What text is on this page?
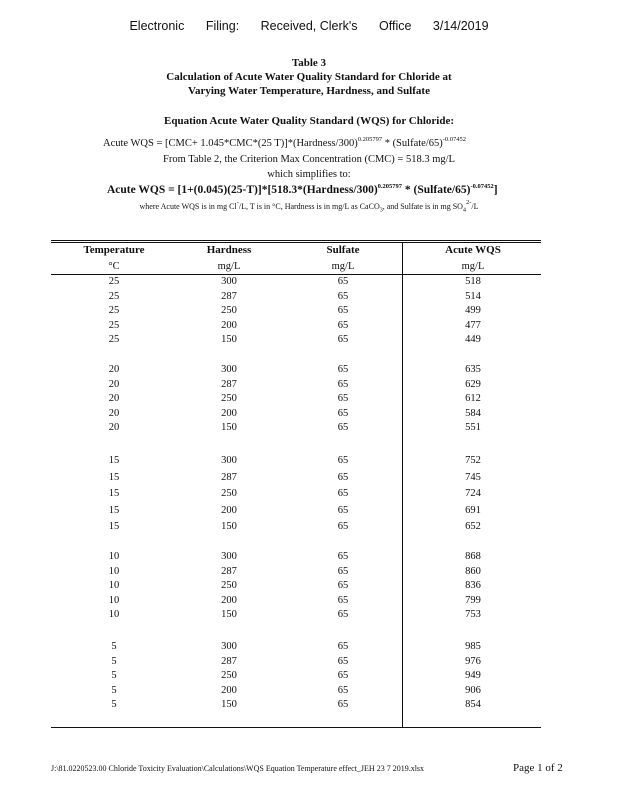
Electronic Filing: Received, Clerk's Office 3/14/2019
Table 3
Calculation of Acute Water Quality Standard for Chloride at
Varying Water Temperature, Hardness, and Sulfate
Equation Acute Water Quality Standard (WQS) for Chloride:
Acute WQS = [CMC+ 1.045*CMC*(25 T)]*(Hardness/300)$^{0.205797}$ * (Sulfate/65)$^{-0.07452}$
From Table 2, the Criterion Max Concentration (CMC) = 518.3 mg/L
which simplifies to:
Acute WQS = [1+(0.045)(25-T)]*[518.3*(Hardness/300)$^{0.205797}$ * (Sulfate/65)$^{-0.07452}$]
where Acute WQS is in mg Cl-/L, T is in °C, Hardness is in mg/L as CaCO$_3$, and Sulfate is in mg $SO_4^{2-}/L$
Temperature	Hardness	Sulfate	Acute WQS
°C	mg/L	mg/L	mg/L
25	300	65	518
25	287	65	514
25	250	65	499
25	200	65	477
25	150	65	449
20	300	65	635
20	287	65	629
20	250	65	612
20	200	65	584
20	150	65	551
15	300	65	752
15	287	65	745
15	250	65	724
15	200	65	691
15	150	65	652
10	300	65	868
10	287	65	860
10	250	65	836
10	200	65	799
10	150	65	753
5	300	65	985
5	287	65	976
5	250	65	949
5	200	65	906
5	150	65	854
J:\81.0220523.00 Chloride Toxicity Evaluation\Calculations\WQS Equation Temperature effect_JEH 23 7 2019.xlsx	Page 1 of 2
